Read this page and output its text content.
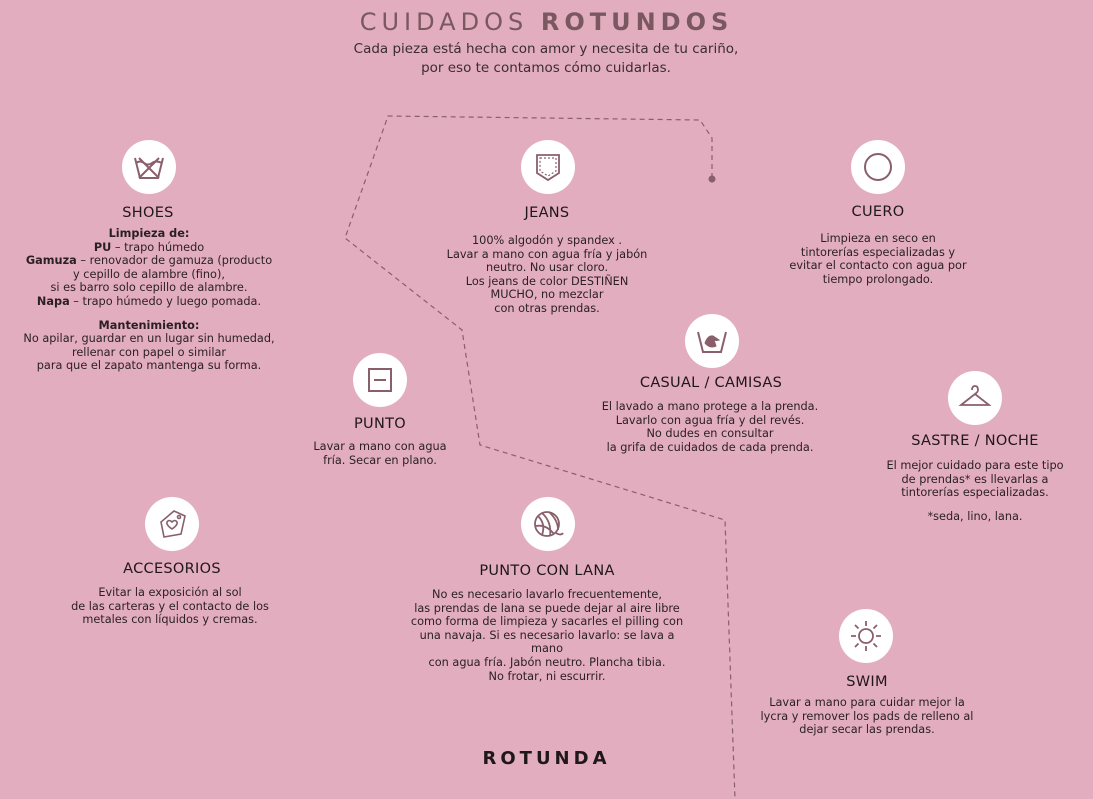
CUIDADOS ROTUNDOS
Cada pieza está hecha con amor y necesita de tu cariño,
por eso te contamos cómo cuidarlas.
SHOES

Limpieza de:

PU – trapo húmedo

Gamuza – renovador de gamuza (producto

y cepillo de alambre (fino),

si es barro solo cepillo de alambre.

Napa – trapo húmedo y luego pomada.

Mantenimiento:

No apilar, guardar en un lugar sin humedad,

rellenar con papel o similar

para que el zapato mantenga su forma.

JEANS

100% algodón y spandex .

Lavar a mano con agua fría y jabón

neutro. No usar cloro.

Los jeans de color DESTIÑEN

MUCHO, no mezclar

con otras prendas.

CUERO

Limpieza en seco en

tintorerías especializadas y

evitar el contacto con agua por

tiempo prolongado.

CASUAL / CAMISAS

El lavado a mano protege a la prenda.

Lavarlo con agua fría y del revés.

No dudes en consultar

la grifa de cuidados de cada prenda.

PUNTO

Lavar a mano con agua

fría. Secar en plano.

SASTRE / NOCHE

El mejor cuidado para este tipo

de prendas* es llevarlas a

tintorerías especializadas.

*seda, lino, lana.

ACCESORIOS

Evitar la exposición al sol

de las carteras y el contacto de los

metales con líquidos y cremas.

PUNTO CON LANA

No es necesario lavarlo frecuentemente,

las prendas de lana se puede dejar al aire libre

como forma de limpieza y sacarles el pilling con

una navaja. Si es necesario lavarlo: se lava a mano

con agua fría. Jabón neutro. Plancha tibia.

No frotar, ni escurrir.	SWIM

Lavar a mano para cuidar mejor la

lycra y remover los pads de relleno al

dejar secar las prendas.

ROTUNDA
